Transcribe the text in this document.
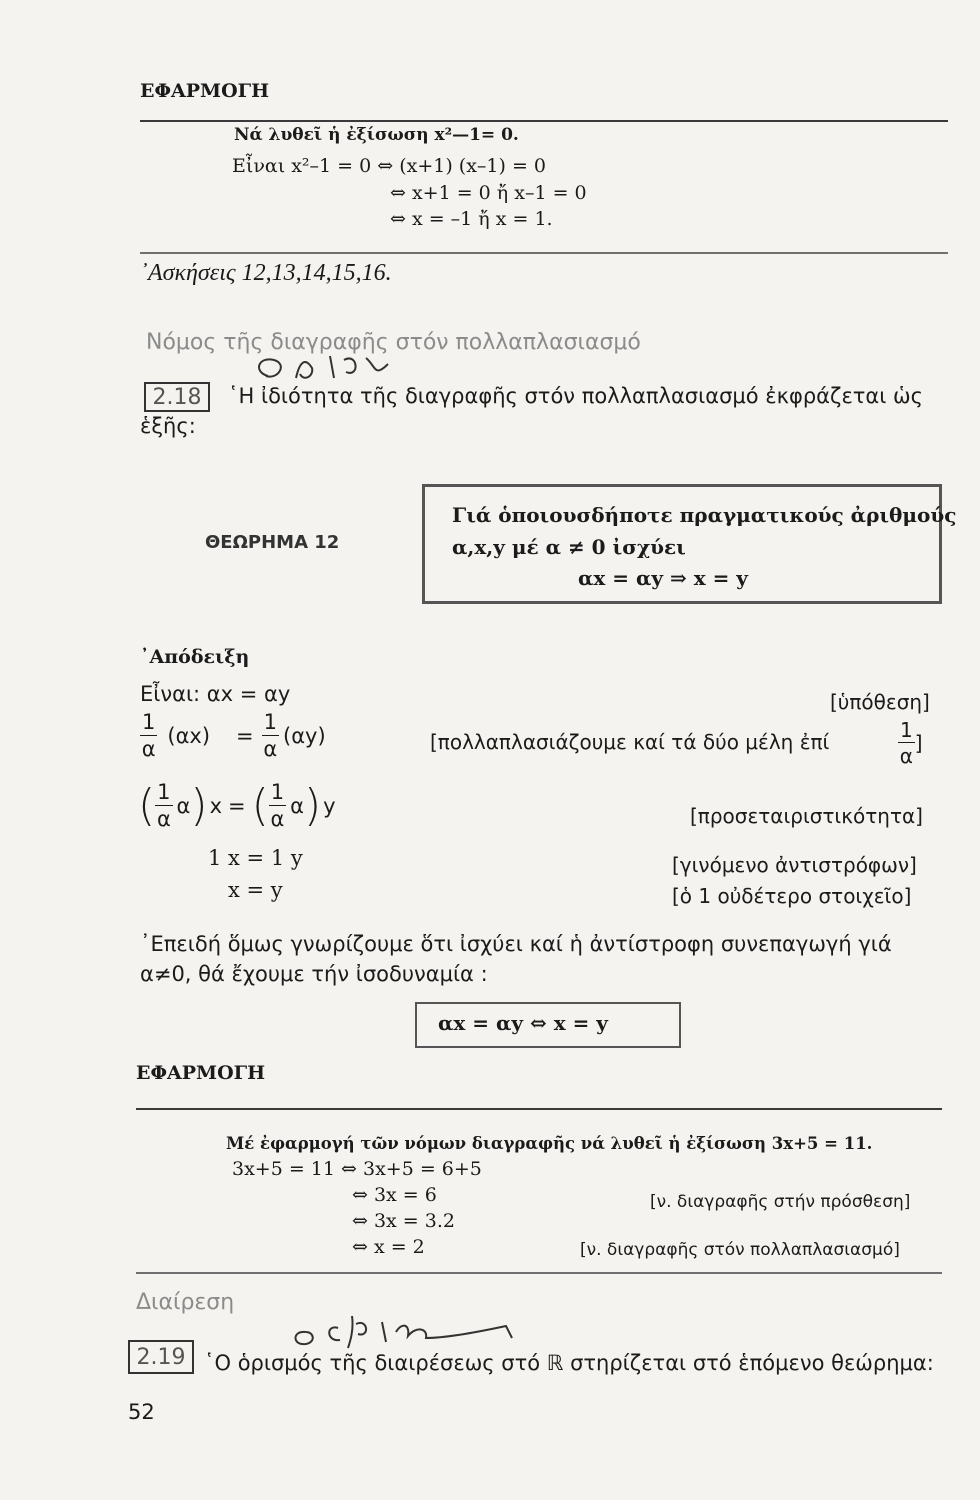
ΕΦΑΡΜΟΓΗ
Νά λυθεῖ ἡ ἐξίσωση x²—1= 0.
Εἶναι x²–1 = 0 ⇔ (x+1) (x–1) = 0
⇔ x+1 = 0 ἤ x–1 = 0
⇔ x = –1 ἤ x = 1.
᾿Ασκήσεις 12,13,14,15,16.
Νόμος τῆς διαγραφῆς στόν πολλαπλασιασμό
2.18	῾Η ἰδιότητα τῆς διαγραφῆς στόν πολλαπλασιασμό ἐκφράζεται ὡς
ἑξῆς:
ΘΕΩΡΗΜΑ 12
Γιά ὁποιουσδήποτε πραγματικούς ἀριθμούς
α,x,y μέ α ≠ 0 ἰσχύει
αx = αy ⇒ x = y
᾿Απόδειξη
Εἶναι: αx = αy	[ὑπόθεση]
$\frac{1}{\alpha} (\alpha x) = \frac{1}{\alpha} (\alpha y)$	[πολλαπλασιάζουμε καί τά δύο μέλη ἐπί	$\frac{1}{\alpha}$ ]
( $\frac{1}{\alpha}$ α ) x = ( $\frac{1}{\alpha}$ α ) y	[προσεταιριστικότητα]
1 x = 1 y	[γινόμενο ἀντιστρόφων]
x = y	[ὁ 1 οὐδέτερο στοιχεῖο]
᾿Επειδή ὅμως γνωρίζουμε ὅτι ἰσχύει καί ἡ ἀντίστροφη συνεπαγωγή γιά
α≠0, θά ἔχουμε τήν ἰσοδυναμία :
αx = αy ⇔ x = y
ΕΦΑΡΜΟΓΗ
Μέ ἐφαρμογή τῶν νόμων διαγραφῆς νά λυθεῖ ἡ ἐξίσωση 3x+5 = 11.
3x+5 = 11 ⇔ 3x+5 = 6+5
⇔ 3x = 6	[ν. διαγραφῆς στήν πρόσθεση]
⇔ 3x = 3.2
⇔ x = 2	[ν. διαγραφῆς στόν πολλαπλασιασμό]
Διαίρεση
2.19 ῾Ο ὁρισμός τῆς διαιρέσεως στό ℝ στηρίζεται στό ἑπόμενο θεώρημα:
52
